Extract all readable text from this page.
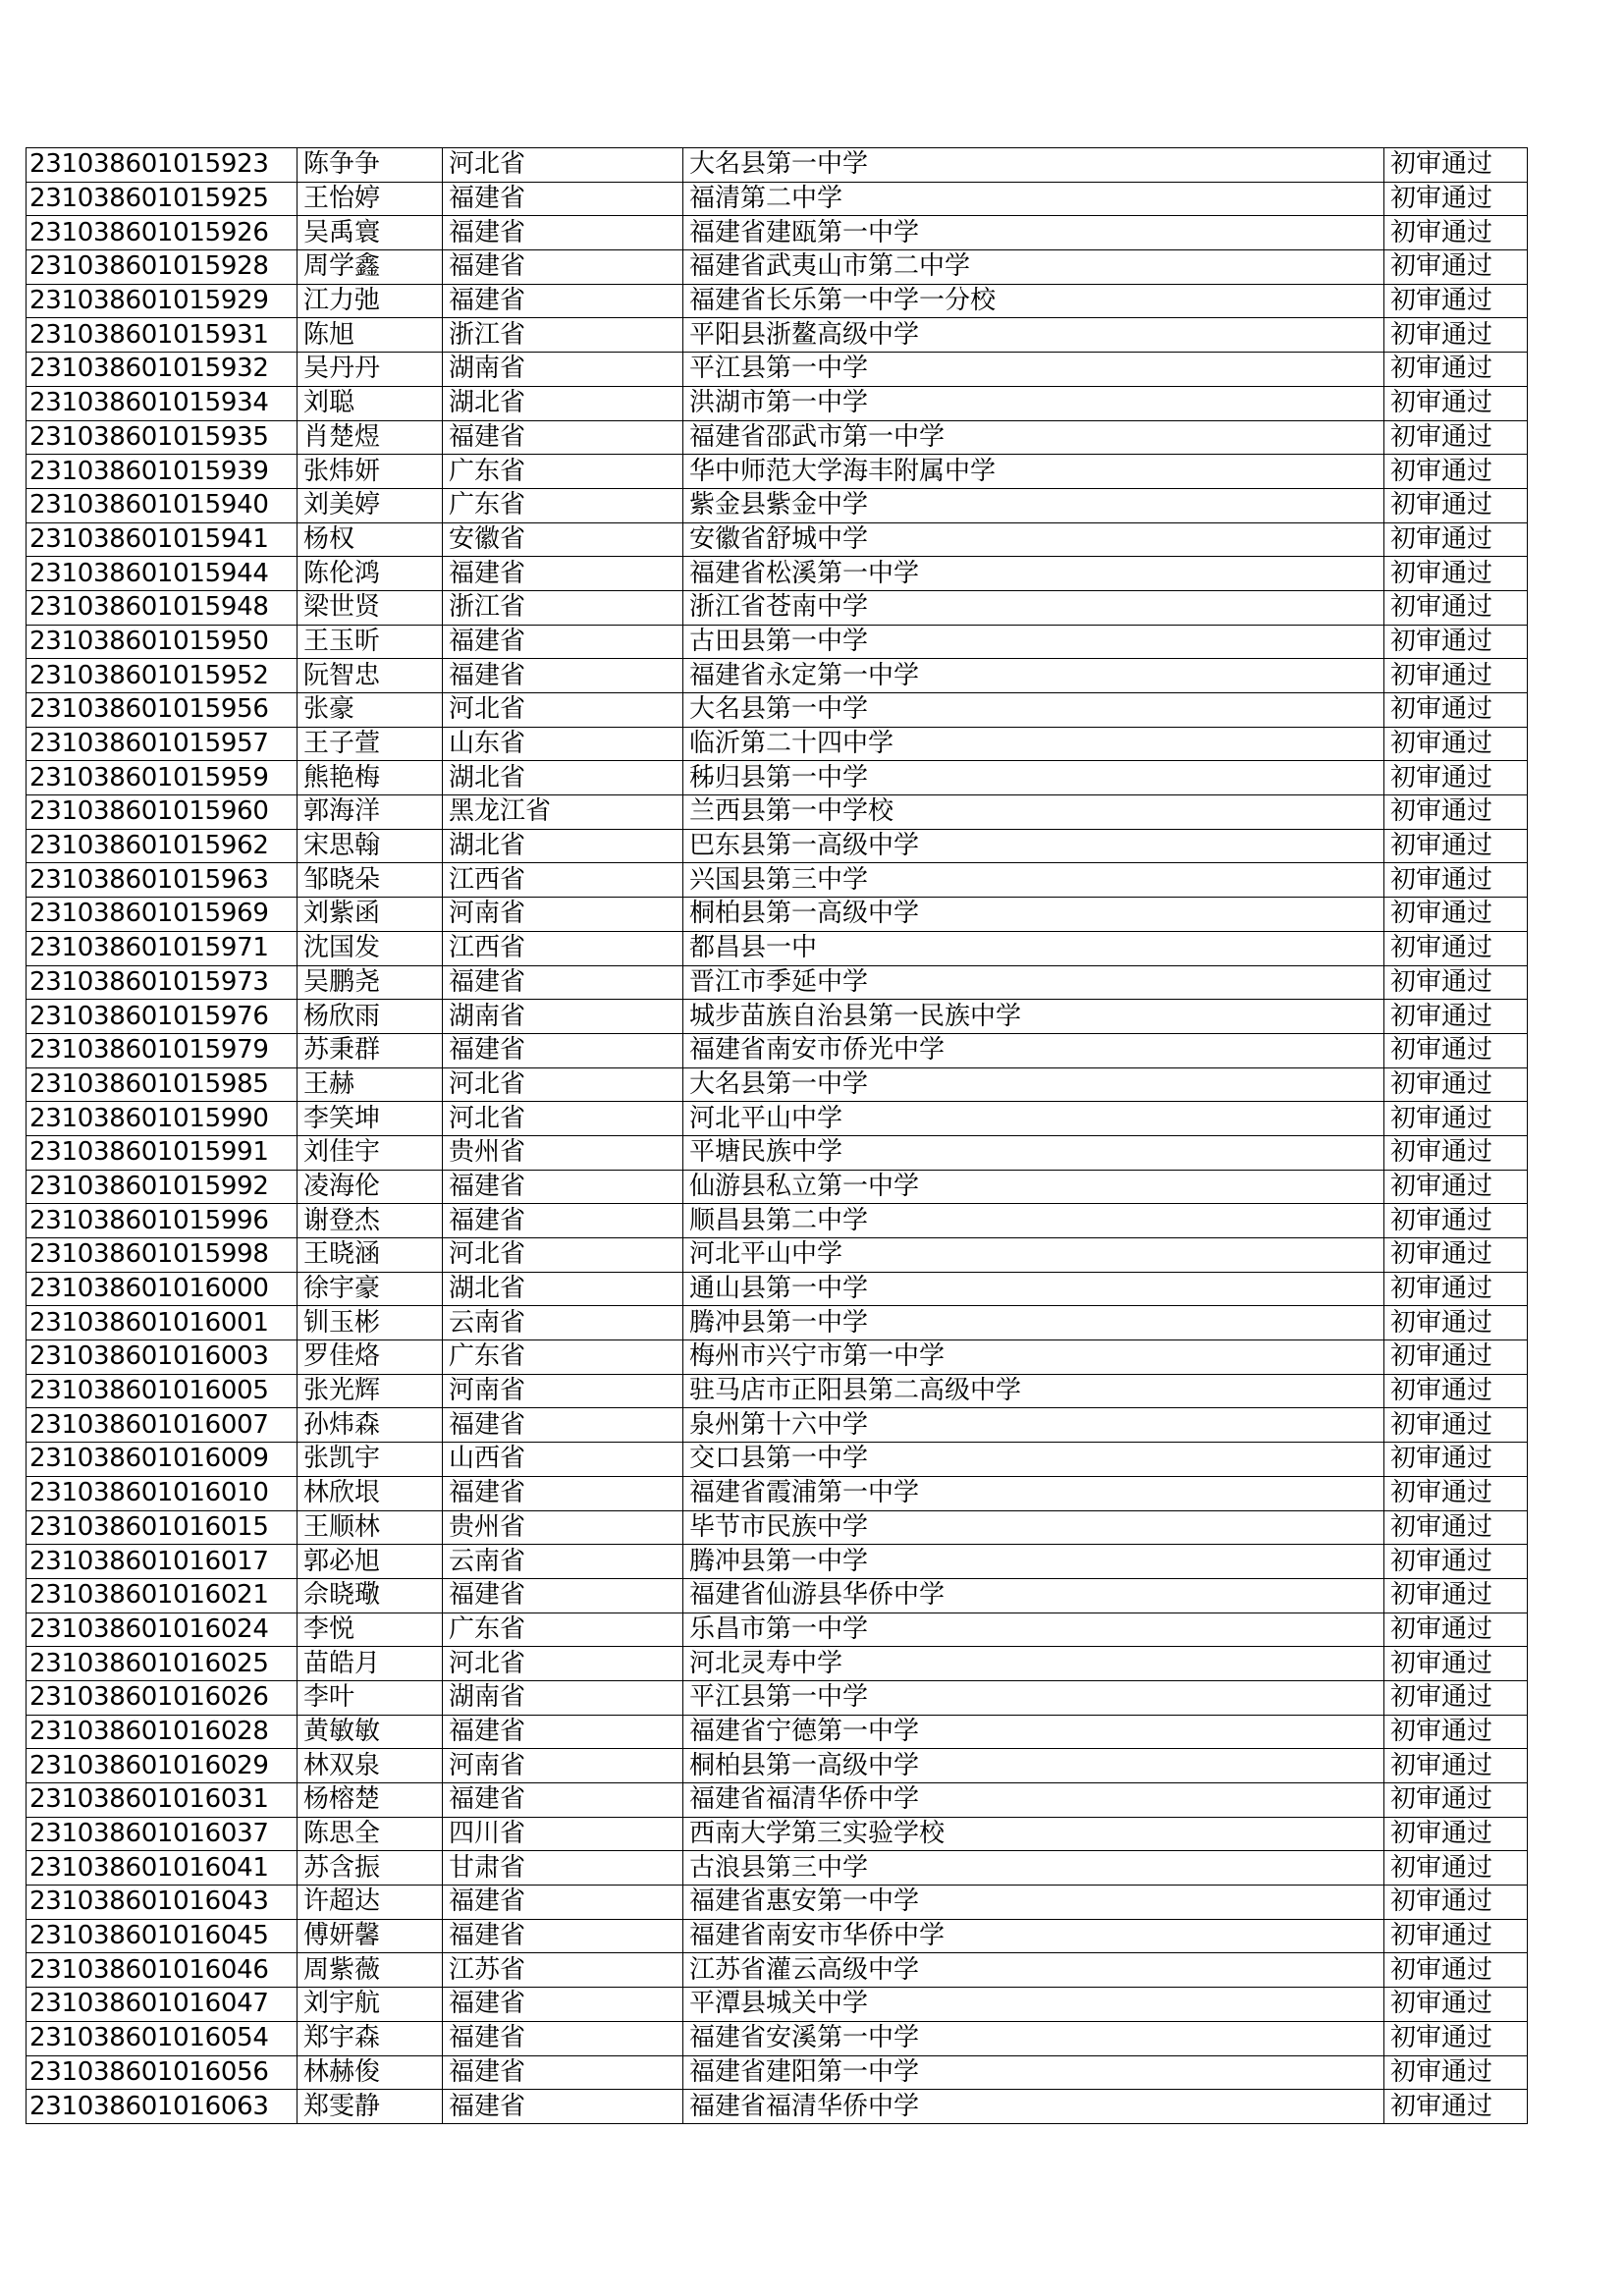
231038601015923	陈争争	河北省	大名县第一中学	初审通过
231038601015925	王怡婷	福建省	福清第二中学	初审通过
231038601015926	吴禹寰	福建省	福建省建瓯第一中学	初审通过
231038601015928	周学鑫	福建省	福建省武夷山市第二中学	初审通过
231038601015929	江力弛	福建省	福建省长乐第一中学一分校	初审通过
231038601015931	陈旭	浙江省	平阳县浙鳌高级中学	初审通过
231038601015932	吴丹丹	湖南省	平江县第一中学	初审通过
231038601015934	刘聪	湖北省	洪湖市第一中学	初审通过
231038601015935	肖楚煜	福建省	福建省邵武市第一中学	初审通过
231038601015939	张炜妍	广东省	华中师范大学海丰附属中学	初审通过
231038601015940	刘美婷	广东省	紫金县紫金中学	初审通过
231038601015941	杨权	安徽省	安徽省舒城中学	初审通过
231038601015944	陈伦鸿	福建省	福建省松溪第一中学	初审通过
231038601015948	梁世贤	浙江省	浙江省苍南中学	初审通过
231038601015950	王玉昕	福建省	古田县第一中学	初审通过
231038601015952	阮智忠	福建省	福建省永定第一中学	初审通过
231038601015956	张豪	河北省	大名县第一中学	初审通过
231038601015957	王子萱	山东省	临沂第二十四中学	初审通过
231038601015959	熊艳梅	湖北省	秭归县第一中学	初审通过
231038601015960	郭海洋	黑龙江省	兰西县第一中学校	初审通过
231038601015962	宋思翰	湖北省	巴东县第一高级中学	初审通过
231038601015963	邹晓朵	江西省	兴国县第三中学	初审通过
231038601015969	刘紫函	河南省	桐柏县第一高级中学	初审通过
231038601015971	沈国发	江西省	都昌县一中	初审通过
231038601015973	吴鹏尧	福建省	晋江市季延中学	初审通过
231038601015976	杨欣雨	湖南省	城步苗族自治县第一民族中学	初审通过
231038601015979	苏秉群	福建省	福建省南安市侨光中学	初审通过
231038601015985	王赫	河北省	大名县第一中学	初审通过
231038601015990	李笑坤	河北省	河北平山中学	初审通过
231038601015991	刘佳宇	贵州省	平塘民族中学	初审通过
231038601015992	凌海伦	福建省	仙游县私立第一中学	初审通过
231038601015996	谢登杰	福建省	顺昌县第二中学	初审通过
231038601015998	王晓涵	河北省	河北平山中学	初审通过
231038601016000	徐宇豪	湖北省	通山县第一中学	初审通过
231038601016001	钏玉彬	云南省	腾冲县第一中学	初审通过
231038601016003	罗佳烙	广东省	梅州市兴宁市第一中学	初审通过
231038601016005	张光辉	河南省	驻马店市正阳县第二高级中学	初审通过
231038601016007	孙炜森	福建省	泉州第十六中学	初审通过
231038601016009	张凯宇	山西省	交口县第一中学	初审通过
231038601016010	林欣垠	福建省	福建省霞浦第一中学	初审通过
231038601016015	王顺林	贵州省	毕节市民族中学	初审通过
231038601016017	郭必旭	云南省	腾冲县第一中学	初审通过
231038601016021	佘晓璥	福建省	福建省仙游县华侨中学	初审通过
231038601016024	李悦	广东省	乐昌市第一中学	初审通过
231038601016025	苗皓月	河北省	河北灵寿中学	初审通过
231038601016026	李叶	湖南省	平江县第一中学	初审通过
231038601016028	黄敏敏	福建省	福建省宁德第一中学	初审通过
231038601016029	林双泉	河南省	桐柏县第一高级中学	初审通过
231038601016031	杨榕楚	福建省	福建省福清华侨中学	初审通过
231038601016037	陈思全	四川省	西南大学第三实验学校	初审通过
231038601016041	苏含振	甘肃省	古浪县第三中学	初审通过
231038601016043	许超达	福建省	福建省惠安第一中学	初审通过
231038601016045	傅妍馨	福建省	福建省南安市华侨中学	初审通过
231038601016046	周紫薇	江苏省	江苏省灌云高级中学	初审通过
231038601016047	刘宇航	福建省	平潭县城关中学	初审通过
231038601016054	郑宇森	福建省	福建省安溪第一中学	初审通过
231038601016056	林赫俊	福建省	福建省建阳第一中学	初审通过
231038601016063	郑雯静	福建省	福建省福清华侨中学	初审通过
